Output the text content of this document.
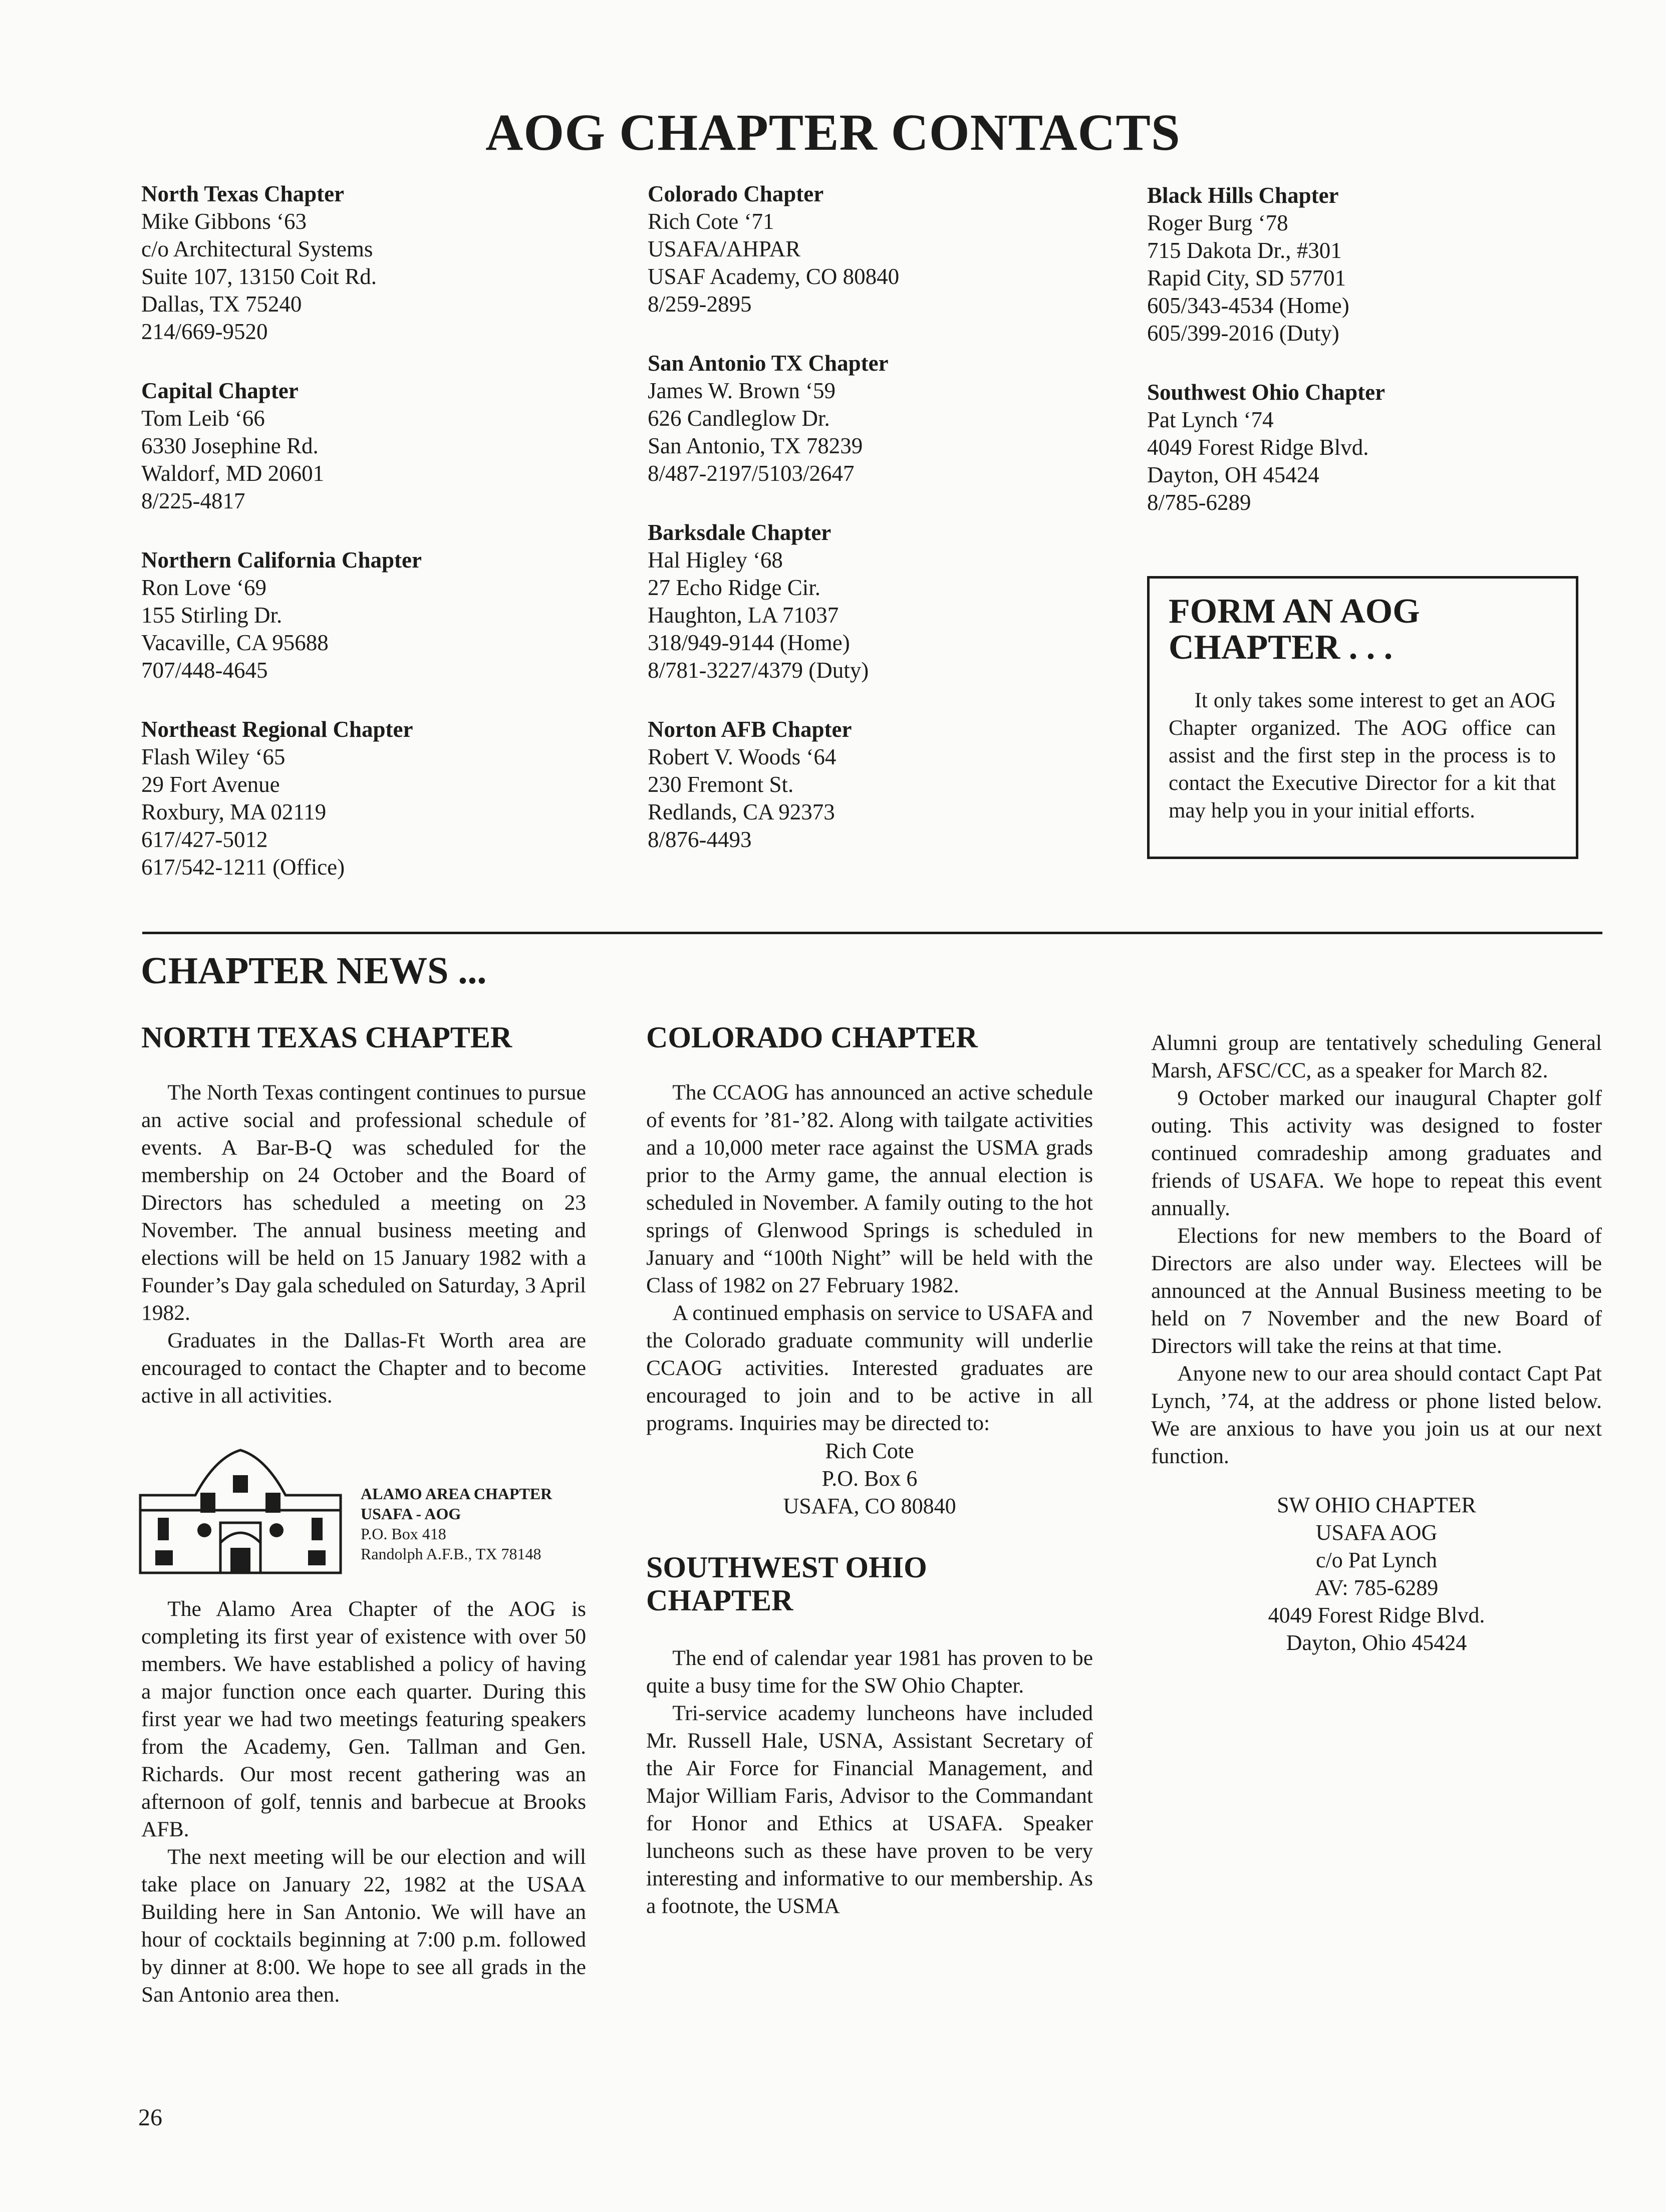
AOG CHAPTER CONTACTS
North Texas Chapter
Mike Gibbons ‘63
c/o Architectural Systems
Suite 107, 13150 Coit Rd.
Dallas, TX 75240
214/669-9520
Capital Chapter
Tom Leib ‘66
6330 Josephine Rd.
Waldorf, MD 20601
8/225-4817
Northern California Chapter
Ron Love ‘69
155 Stirling Dr.
Vacaville, CA 95688
707/448-4645
Northeast Regional Chapter
Flash Wiley ‘65
29 Fort Avenue
Roxbury, MA 02119
617/427-5012
617/542-1211 (Office)
Colorado Chapter
Rich Cote ‘71
USAFA/AHPAR
USAF Academy, CO 80840
8/259-2895
San Antonio TX Chapter
James W. Brown ‘59
626 Candleglow Dr.
San Antonio, TX 78239
8/487-2197/5103/2647
Barksdale Chapter
Hal Higley ‘68
27 Echo Ridge Cir.
Haughton, LA 71037
318/949-9144 (Home)
8/781-3227/4379 (Duty)
Norton AFB Chapter
Robert V. Woods ‘64
230 Fremont St.
Redlands, CA 92373
8/876-4493
Black Hills Chapter
Roger Burg ‘78
715 Dakota Dr., #301
Rapid City, SD 57701
605/343-4534 (Home)
605/399-2016 (Duty)
Southwest Ohio Chapter
Pat Lynch ‘74
4049 Forest Ridge Blvd.
Dayton, OH 45424
8/785-6289

FORM AN AOG CHAPTER . . .

It only takes some interest to get an AOG Chapter organized. The AOG office can assist and the first step in the process is to contact the Executive Director for a kit that may help you in your initial efforts.

CHAPTER NEWS ...
NORTH TEXAS CHAPTER

The North Texas contingent continues to pursue an active social and professional schedule of events. A Bar-B-Q was scheduled for the membership on 24 October and the Board of Directors has scheduled a meeting on 23 November. The annual business meeting and elections will be held on 15 January 1982 with a Founder’s Day gala scheduled on Saturday, 3 April 1982.

Graduates in the Dallas-Ft Worth area are encouraged to contact the Chapter and to become active in all activities.

ALAMO AREA CHAPTER
USAFA - AOG
P.O. Box 418
Randolph A.F.B., TX 78148

The Alamo Area Chapter of the AOG is completing its first year of existence with over 50 members. We have established a policy of having a major function once each quarter. During this first year we had two meetings featuring speakers from the Academy, Gen. Tallman and Gen. Richards. Our most recent gathering was an afternoon of golf, tennis and barbecue at Brooks AFB.

The next meeting will be our election and will take place on January 22, 1982 at the USAA Building here in San Antonio. We will have an hour of cocktails beginning at 7:00 p.m. followed by dinner at 8:00. We hope to see all grads in the San Antonio area then.

COLORADO CHAPTER

The CCAOG has announced an active schedule of events for ’81-’82. Along with tailgate activities and a 10,000 meter race against the USMA grads prior to the Army game, the annual election is scheduled in November. A family outing to the hot springs of Glenwood Springs is scheduled in January and “100th Night” will be held with the Class of 1982 on 27 February 1982.

A continued emphasis on service to USAFA and the Colorado graduate community will underlie CCAOG activities. Interested graduates are encouraged to join and to be active in all programs. Inquiries may be directed to:

Rich Cote
P.O. Box 6
USAFA, CO 80840
SOUTHWEST OHIO CHAPTER

The end of calendar year 1981 has proven to be quite a busy time for the SW Ohio Chapter.

Tri-service academy luncheons have included Mr. Russell Hale, USNA, Assistant Secretary of the Air Force for Financial Management, and Major William Faris, Advisor to the Commandant for Honor and Ethics at USAFA. Speaker luncheons such as these have proven to be very interesting and informative to our membership. As a footnote, the USMA

Alumni group are tentatively scheduling General Marsh, AFSC/CC, as a speaker for March 82.

9 October marked our inaugural Chapter golf outing. This activity was designed to foster continued comradeship among graduates and friends of USAFA. We hope to repeat this event annually.

Elections for new members to the Board of Directors are also under way. Electees will be announced at the Annual Business meeting to be held on 7 November and the new Board of Directors will take the reins at that time.

Anyone new to our area should contact Capt Pat Lynch, ’74, at the address or phone listed below. We are anxious to have you join us at our next function.

SW OHIO CHAPTER
USAFA AOG
c/o Pat Lynch
AV: 785-6289
4049 Forest Ridge Blvd.
Dayton, Ohio 45424

26
